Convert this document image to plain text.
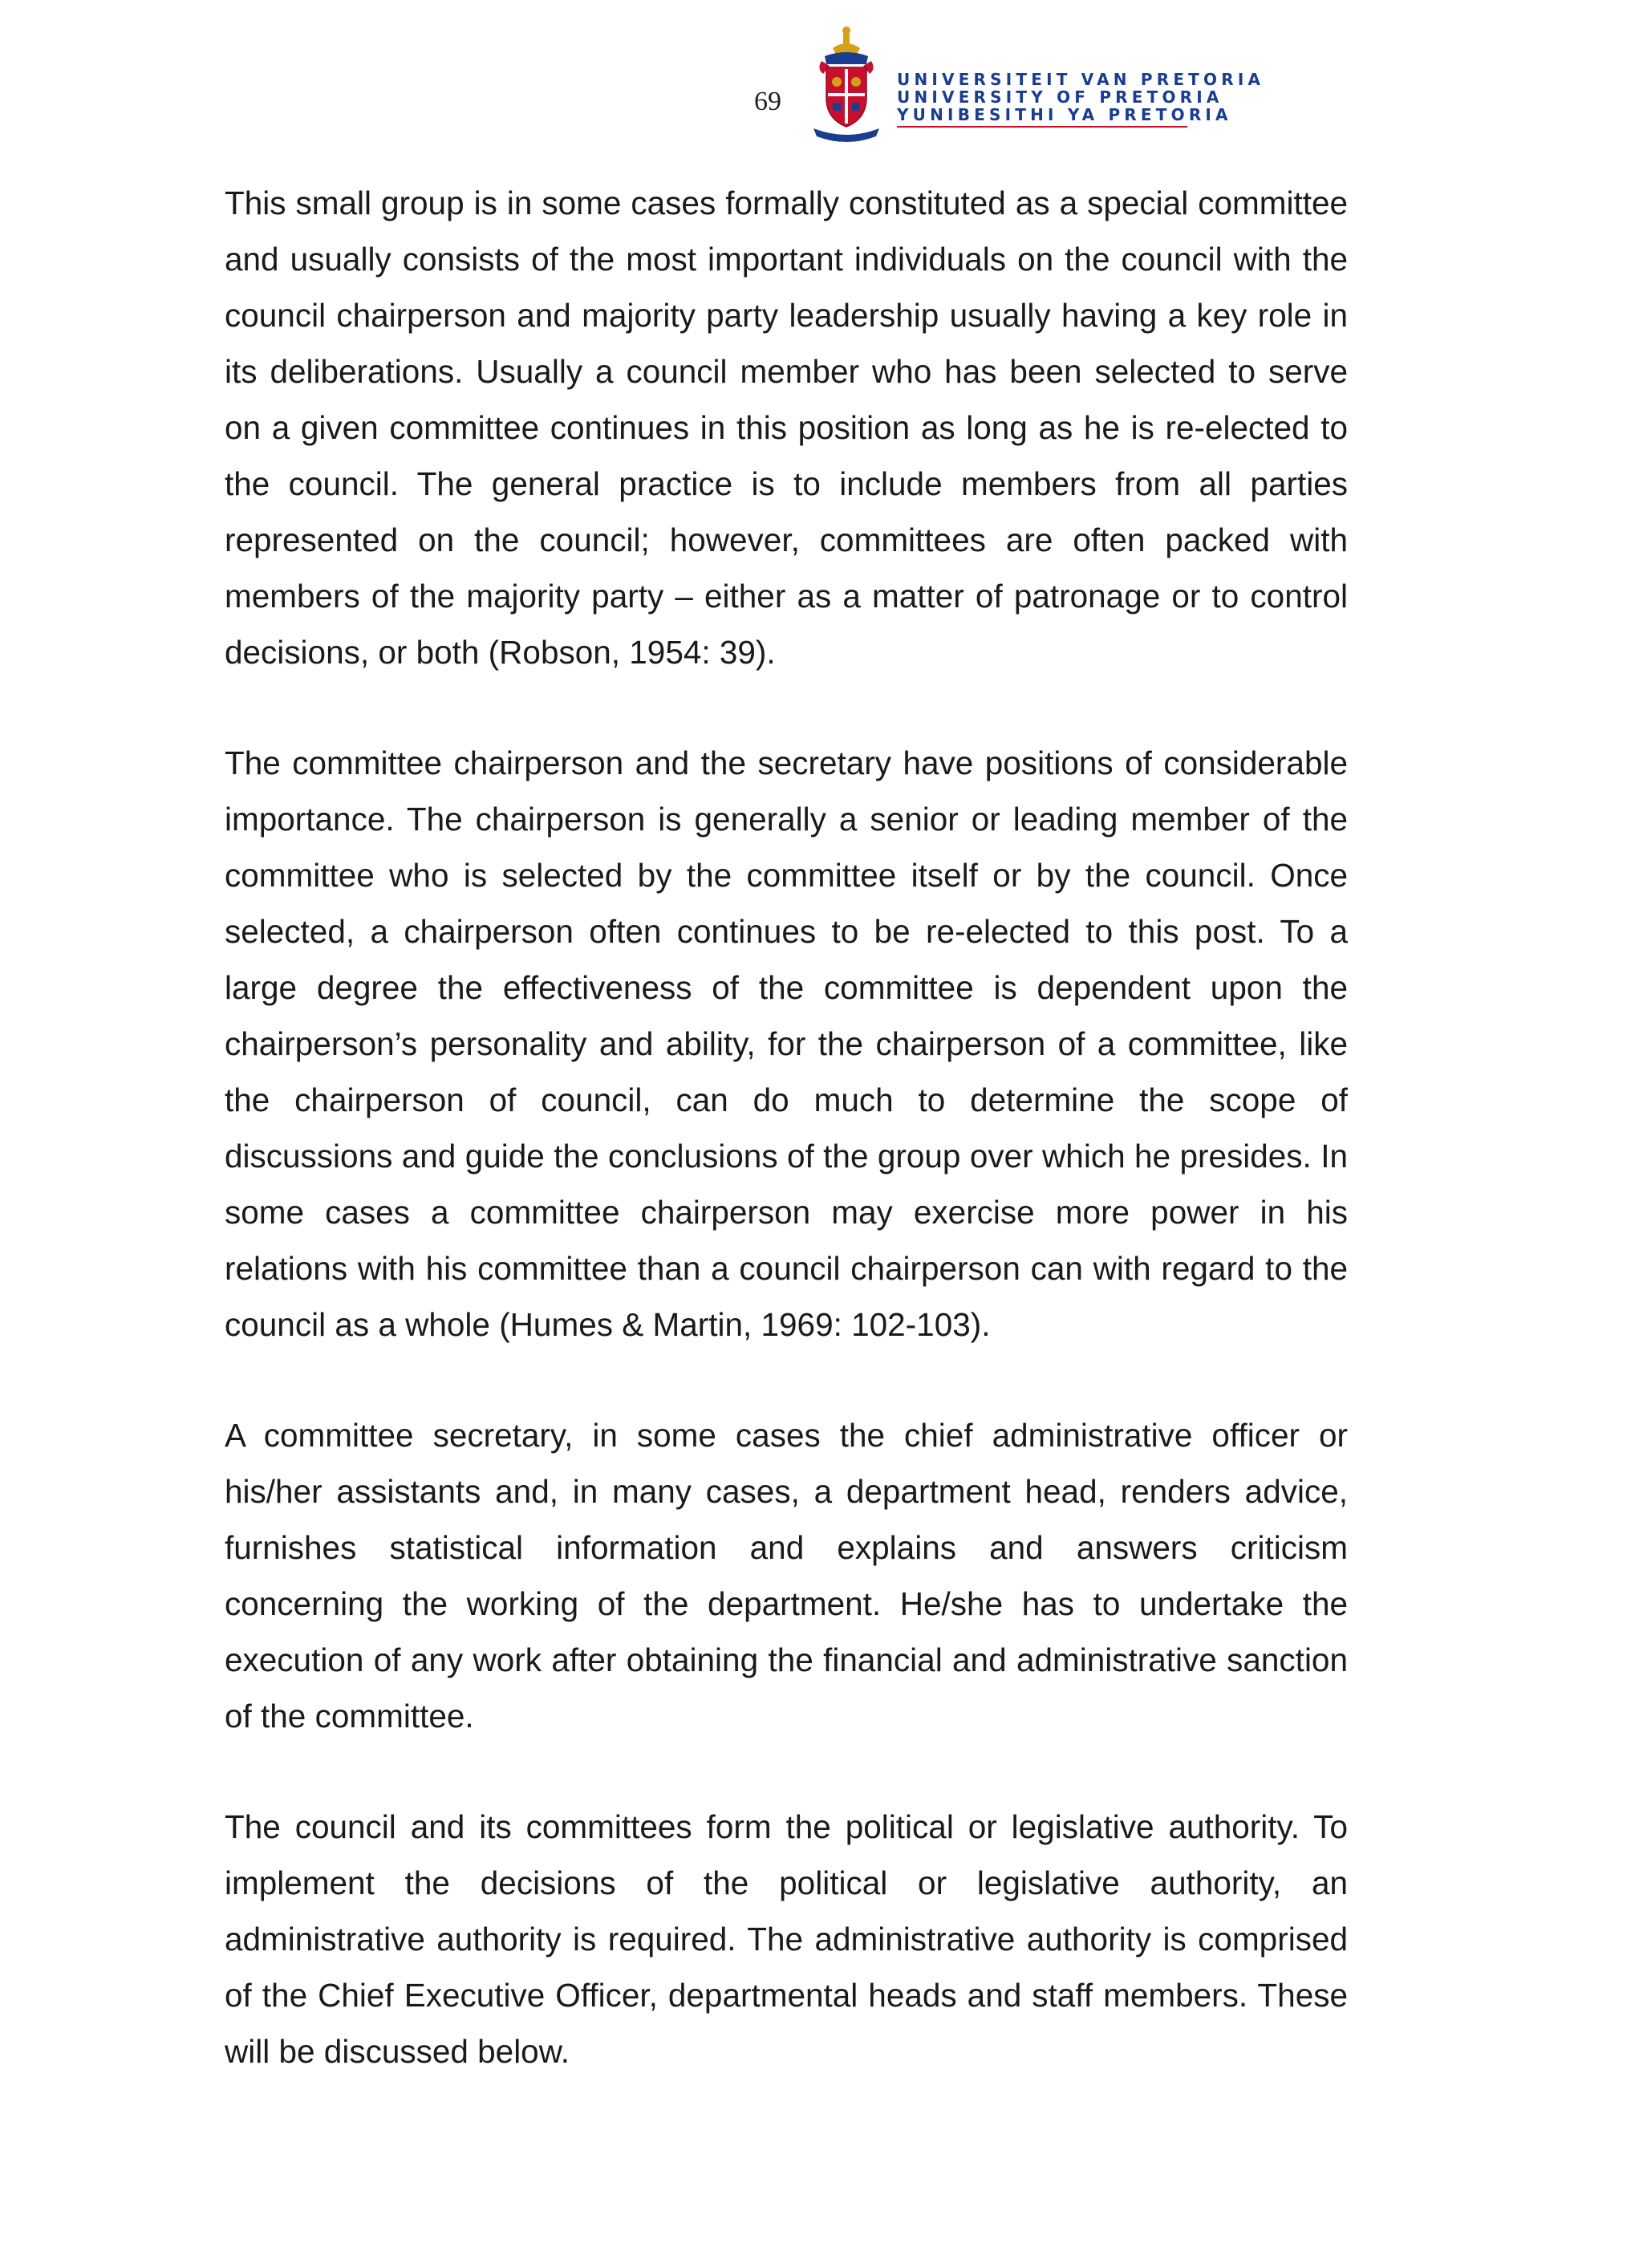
69
UNIVERSITEIT VAN PRETORIA
UNIVERSITY OF PRETORIA
YUNIBESITHI YA PRETORIA

This small group is in some cases formally constituted as a special committee and usually consists of the most important individuals on the council with the council chairperson and majority party leadership usually having a key role in its deliberations. Usually a council member who has been selected to serve on a given committee continues in this position as long as he is re-elected to the council. The general practice is to include members from all parties represented on the council; however, committees are often packed with members of the majority party – either as a matter of patronage or to control decisions, or both (Robson, 1954: 39).

The committee chairperson and the secretary have positions of considerable importance. The chairperson is generally a senior or leading member of the committee who is selected by the committee itself or by the council. Once selected, a chairperson often continues to be re-elected to this post. To a large degree the effectiveness of the committee is dependent upon the chairperson’s personality and ability, for the chairperson of a committee, like the chairperson of council, can do much to determine the scope of discussions and guide the conclusions of the group over which he presides. In some cases a committee chairperson may exercise more power in his relations with his committee than a council chairperson can with regard to the council as a whole (Humes & Martin, 1969: 102-103).

A committee secretary, in some cases the chief administrative officer or his/her assistants and, in many cases, a department head, renders advice, furnishes statistical information and explains and answers criticism concerning the working of the department. He/she has to undertake the execution of any work after obtaining the financial and administrative sanction of the committee.

The council and its committees form the political or legislative authority. To implement the decisions of the political or legislative authority, an administrative authority is required. The administrative authority is comprised of the Chief Executive Officer, departmental heads and staff members. These will be discussed below.
